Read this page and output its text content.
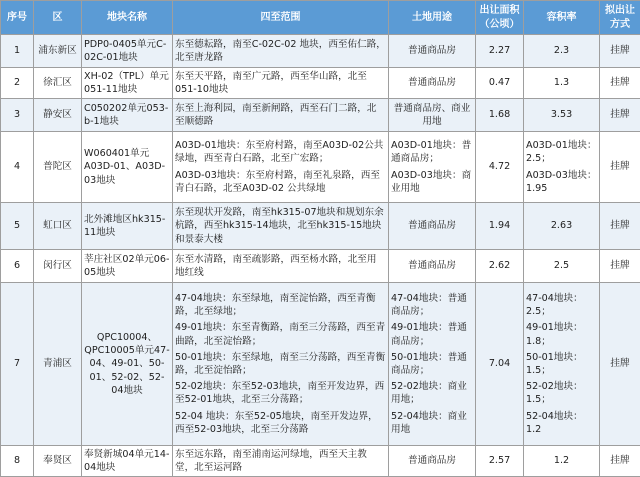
序号	区	地块名称	四至范围	土地用途	出让面积（公顷）	容积率	拟出让方式
1	浦东新区	PDP0-0405单元C-02C-01地块	东至德耘路，南至C-02C-02 地块，西至佑仁路，北至唐龙路	普通商品房	2.27	2.3	挂牌
2	徐汇区	XH-02（TPL）单元051-11地块	东至天平路，南至广元路，西至华山路，北至051-10地块	普通商品房	0.47	1.3	挂牌
3	静安区	C050202单元053-b-1地块	东至上海利园，南至新闸路，西至石门二路，北至顺德路	普通商品房、商业用地	1.68	3.53	挂牌
4	普陀区	W060401单元A03D-01、A03D-03地块	A03D-01地块：东至府村路，南至A03D-02公共绿地，西至青白石路，北至广宏路；
A03D-03地块：东至府村路，南至礼泉路，西至青白石路，北至A03D-02 公共绿地	A03D-01地块：普通商品房；
A03D-03地块：商业用地	4.72	A03D-01地块：2.5；
A03D-03地块：1.95	挂牌
5	虹口区	北外滩地区hk315-11地块	东至现状开发路，南至hk315-07地块和规划东余杭路，西至hk315-14地块，北至hk315-15地块和景泰大楼	普通商品房	1.94	2.63	挂牌
6	闵行区	莘庄社区02单元06-05地块	东至水清路，南至疏影路，西至杨水路，北至用地红线	普通商品房	2.62	2.5	挂牌
7	青浦区	QPC10004、QPC10005单元47-04、49-01、50-01、52-02、52-04地块	47-04地块：东至绿地，南至淀怡路，西至青衡路，北至绿地；
49-01地块：东至青衡路，南至三分荡路，西至青曲路，北至淀怡路；
50-01地块：东至绿地，南至三分荡路，西至青衡路，北至淀怡路；
52-02地块：东至52-03地块，南至开发边界，西至52-01地块，北至三分荡路；
52-04 地块：东至52-05地块，南至开发边界，西至52-03地块，北至三分荡路	47-04地块：普通商品房；
49-01地块：普通商品房；
50-01地块：普通商品房；
52-02地块：商业用地；
52-04地块：商业用地	7.04	47-04地块：2.5；
49-01地块：1.8；
50-01地块：1.5；
52-02地块：1.5；
52-04地块：1.2	挂牌
8	奉贤区	奉贤新城04单元14-04地块	东至远东路，南至浦南运河绿地，西至天主教堂，北至运河路	普通商品房	2.57	1.2	挂牌
